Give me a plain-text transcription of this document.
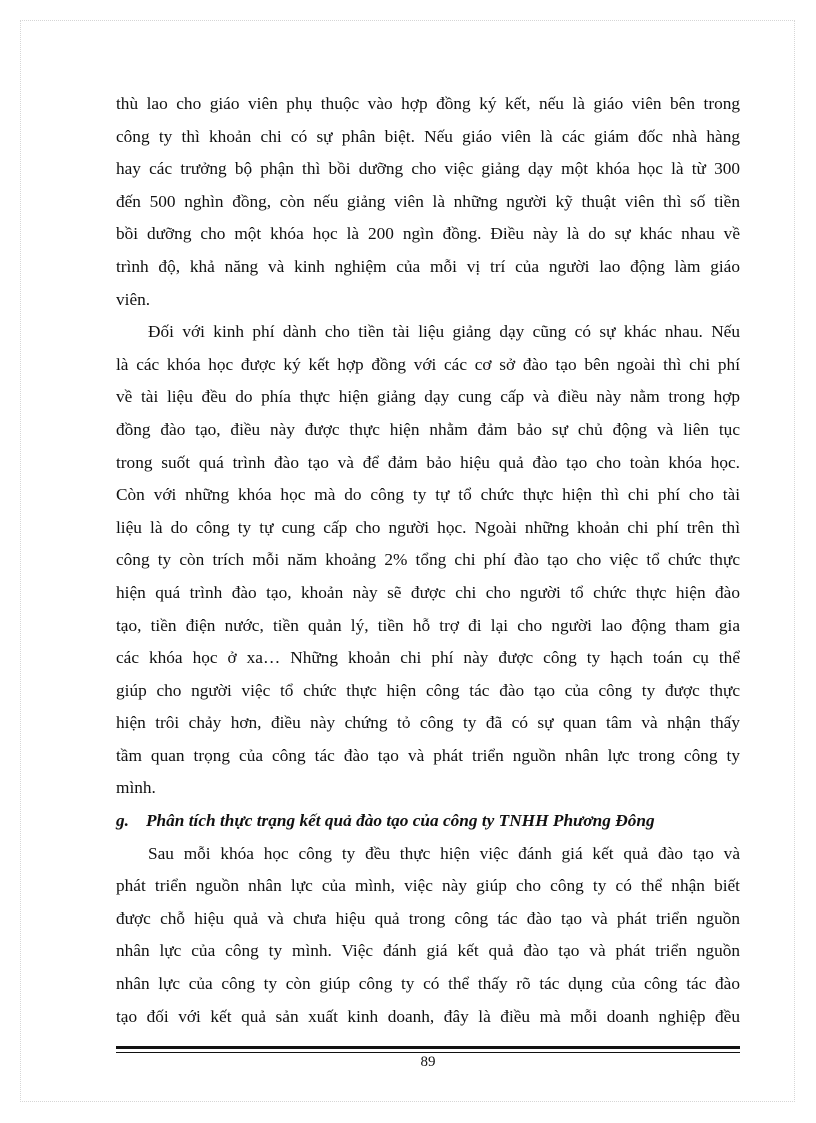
thù lao cho giáo viên phụ thuộc vào hợp đồng ký kết, nếu là giáo viên bên trong
công ty thì khoản chi có sự phân biệt. Nếu giáo viên là các giám đốc nhà hàng
hay các trưởng bộ phận thì bồi dưỡng cho việc giảng dạy một khóa học là từ 300
đến 500 nghìn đồng, còn nếu giảng viên là những người kỹ thuật viên thì số tiền
bồi dưỡng cho một khóa học là 200 ngìn đồng. Điều này là do sự khác nhau về
trình độ, khả năng và kinh nghiệm của mỗi vị trí của người lao động làm giáo
viên.
Đối với kinh phí dành cho tiền tài liệu giảng dạy cũng có sự khác nhau. Nếu
là các khóa học được ký kết hợp đồng với các cơ sở đào tạo bên ngoài thì chi phí
về tài liệu đều do phía thực hiện giảng dạy cung cấp và điều này nằm trong hợp
đồng đào tạo, điều này được thực hiện nhằm đảm bảo sự chủ động và liên tục
trong suốt quá trình đào tạo và để đảm bảo hiệu quả đào tạo cho toàn khóa học.
Còn với những khóa học mà do công ty tự tổ chức thực hiện thì chi phí cho tài
liệu là do công ty tự cung cấp cho người học. Ngoài những khoản chi phí trên thì
công ty còn trích mỗi năm khoảng 2% tổng chi phí đào tạo cho việc tổ chức thực
hiện quá trình đào tạo, khoản này sẽ được chi cho người tổ chức thực hiện đào
tạo, tiền điện nước, tiền quản lý, tiền hỗ trợ đi lại cho người lao động tham gia
các khóa học ở xa… Những khoản chi phí này được công ty hạch toán cụ thể
giúp cho người việc tổ chức thực hiện công tác đào tạo của công ty được thực
hiện trôi chảy hơn, điều này chứng tỏ công ty đã có sự quan tâm và nhận thấy
tầm quan trọng của công tác đào tạo và phát triển nguồn nhân lực trong công ty
mình.
g. Phân tích thực trạng kết quả đào tạo của công ty TNHH Phương Đông
Sau mỗi khóa học công ty đều thực hiện việc đánh giá kết quả đào tạo và
phát triển nguồn nhân lực của mình, việc này giúp cho công ty có thể nhận biết
được chỗ hiệu quả và chưa hiệu quả trong công tác đào tạo và phát triển nguồn
nhân lực của công ty mình. Việc đánh giá kết quả đào tạo và phát triển nguồn
nhân lực của công ty còn giúp công ty có thể thấy rõ tác dụng của công tác đào
tạo đối với kết quả sản xuất kinh doanh, đây là điều mà mỗi doanh nghiệp đều
89
